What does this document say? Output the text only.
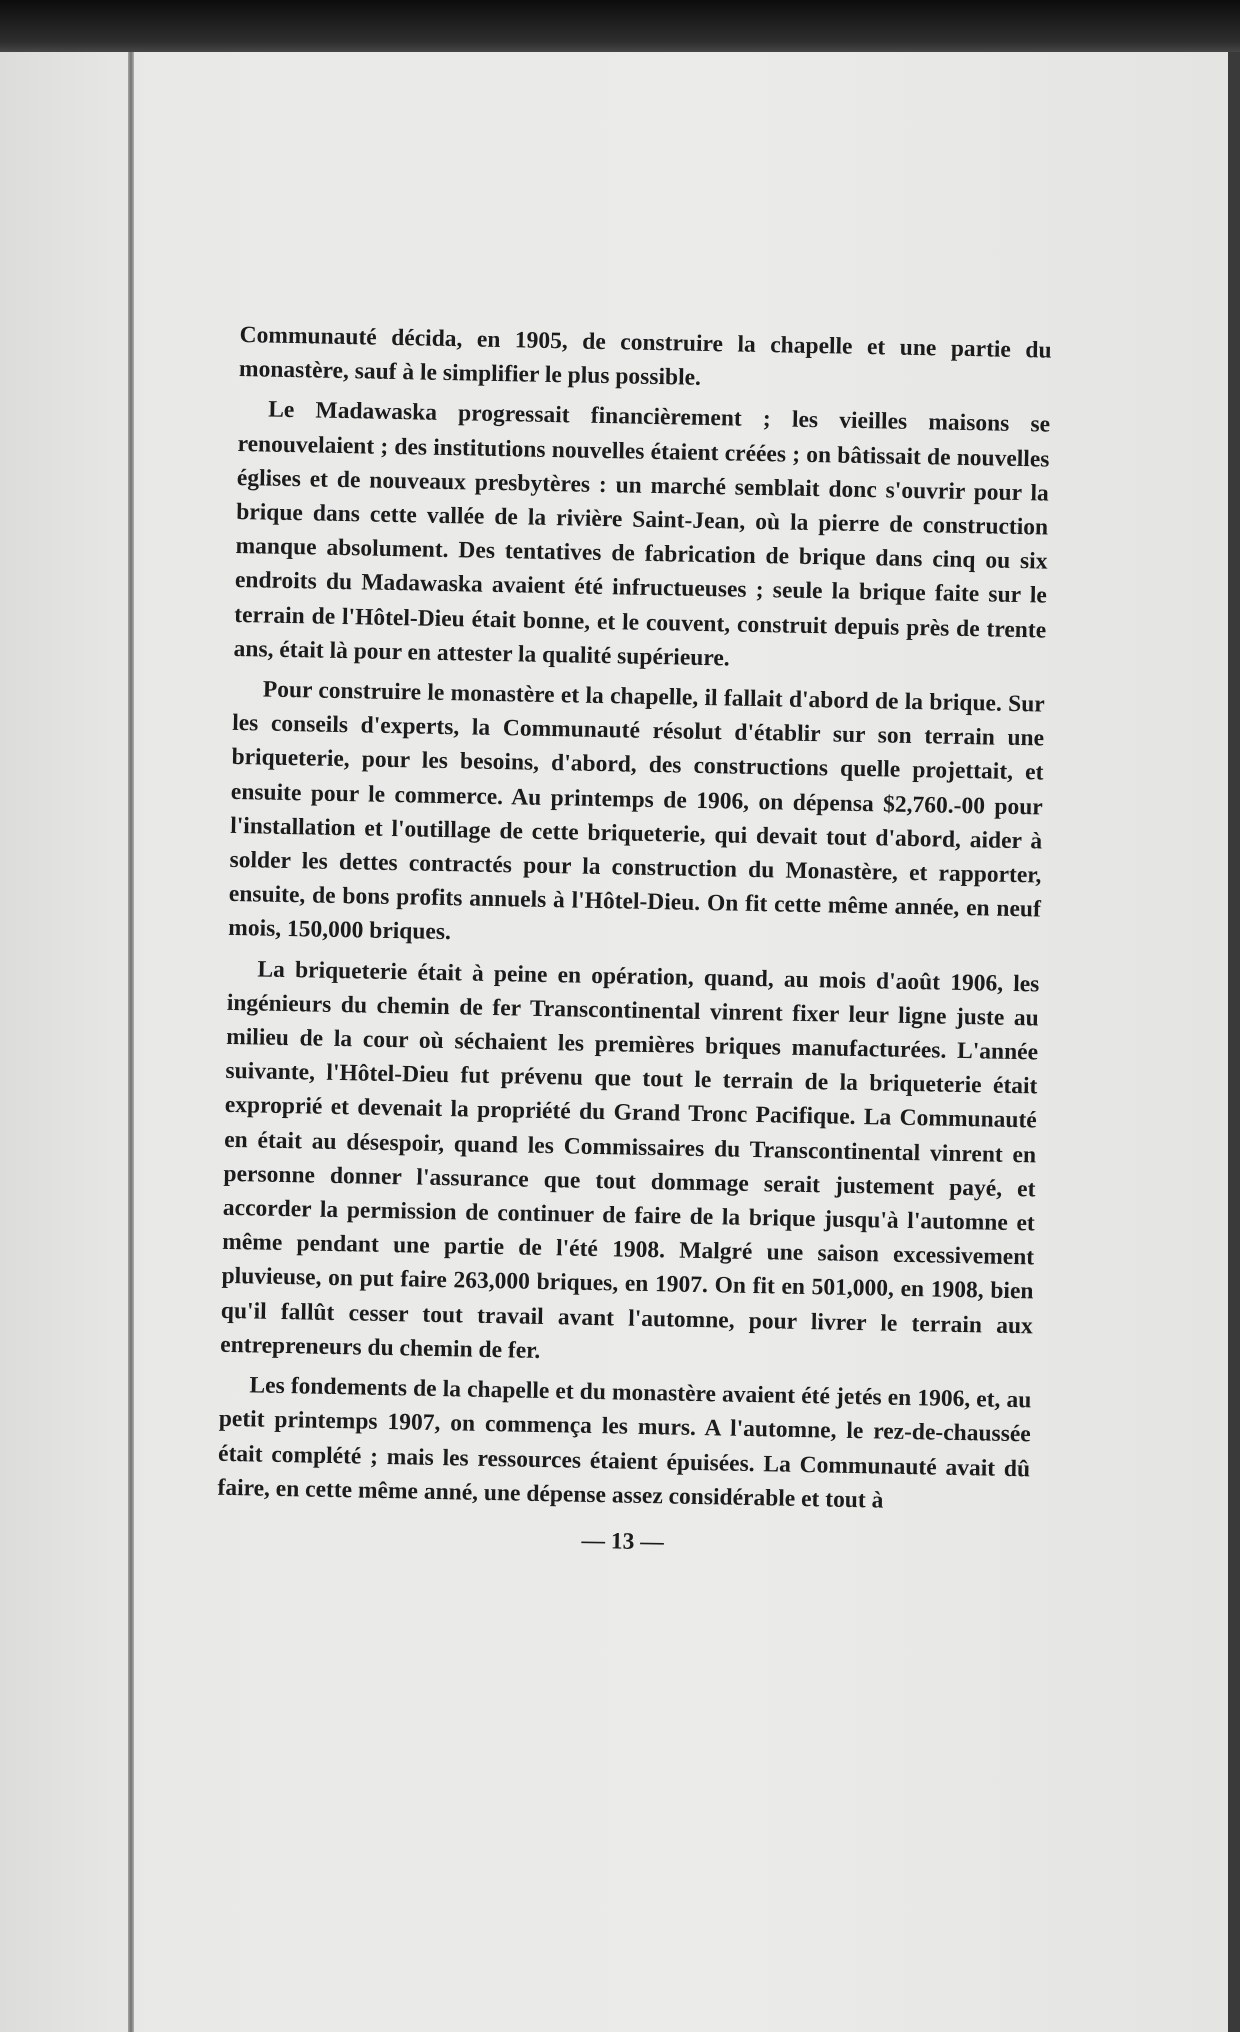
Communauté décida, en 1905, de construire la chapelle et une partie du monastère, sauf à le simplifier le plus possible.

Le Madawaska progressait financièrement ; les vieilles maisons se renouvelaient ; des institutions nouvelles étaient créées ; on bâtissait de nouvelles églises et de nouveaux presbytères : un marché semblait donc s'ouvrir pour la brique dans cette vallée de la rivière Saint-Jean, où la pierre de construction manque absolument. Des tentatives de fabrication de brique dans cinq ou six endroits du Madawaska avaient été infructueuses ; seule la brique faite sur le terrain de l'Hôtel-Dieu était bonne, et le couvent, construit depuis près de trente ans, était là pour en attester la qualité supérieure.

Pour construire le monastère et la chapelle, il fallait d'abord de la brique. Sur les conseils d'experts, la Communauté résolut d'établir sur son terrain une briqueterie, pour les besoins, d'abord, des constructions quelle projettait, et ensuite pour le commerce. Au printemps de 1906, on dépensa $2,760.-00 pour l'installation et l'outillage de cette briqueterie, qui devait tout d'abord, aider à solder les dettes contractés pour la construction du Monastère, et rapporter, ensuite, de bons profits annuels à l'Hôtel-Dieu. On fit cette même année, en neuf mois, 150,000 briques.

La briqueterie était à peine en opération, quand, au mois d'août 1906, les ingénieurs du chemin de fer Transcontinental vinrent fixer leur ligne juste au milieu de la cour où séchaient les premières briques manufacturées. L'année suivante, l'Hôtel-Dieu fut prévenu que tout le terrain de la briqueterie était exproprié et devenait la propriété du Grand Tronc Pacifique. La Communauté en était au désespoir, quand les Commissaires du Transcontinental vinrent en personne donner l'assurance que tout dommage serait justement payé, et accorder la permission de continuer de faire de la brique jusqu'à l'automne et même pendant une partie de l'été 1908. Malgré une saison excessivement pluvieuse, on put faire 263,000 briques, en 1907. On fit en 501,000, en 1908, bien qu'il fallût cesser tout travail avant l'automne, pour livrer le terrain aux entrepreneurs du chemin de fer.

Les fondements de la chapelle et du monastère avaient été jetés en 1906, et, au petit printemps 1907, on commença les murs. A l'automne, le rez-de-chaussée était complété ; mais les ressources étaient épuisées. La Communauté avait dû faire, en cette même anné, une dépense assez considérable et tout à

— 13 —
